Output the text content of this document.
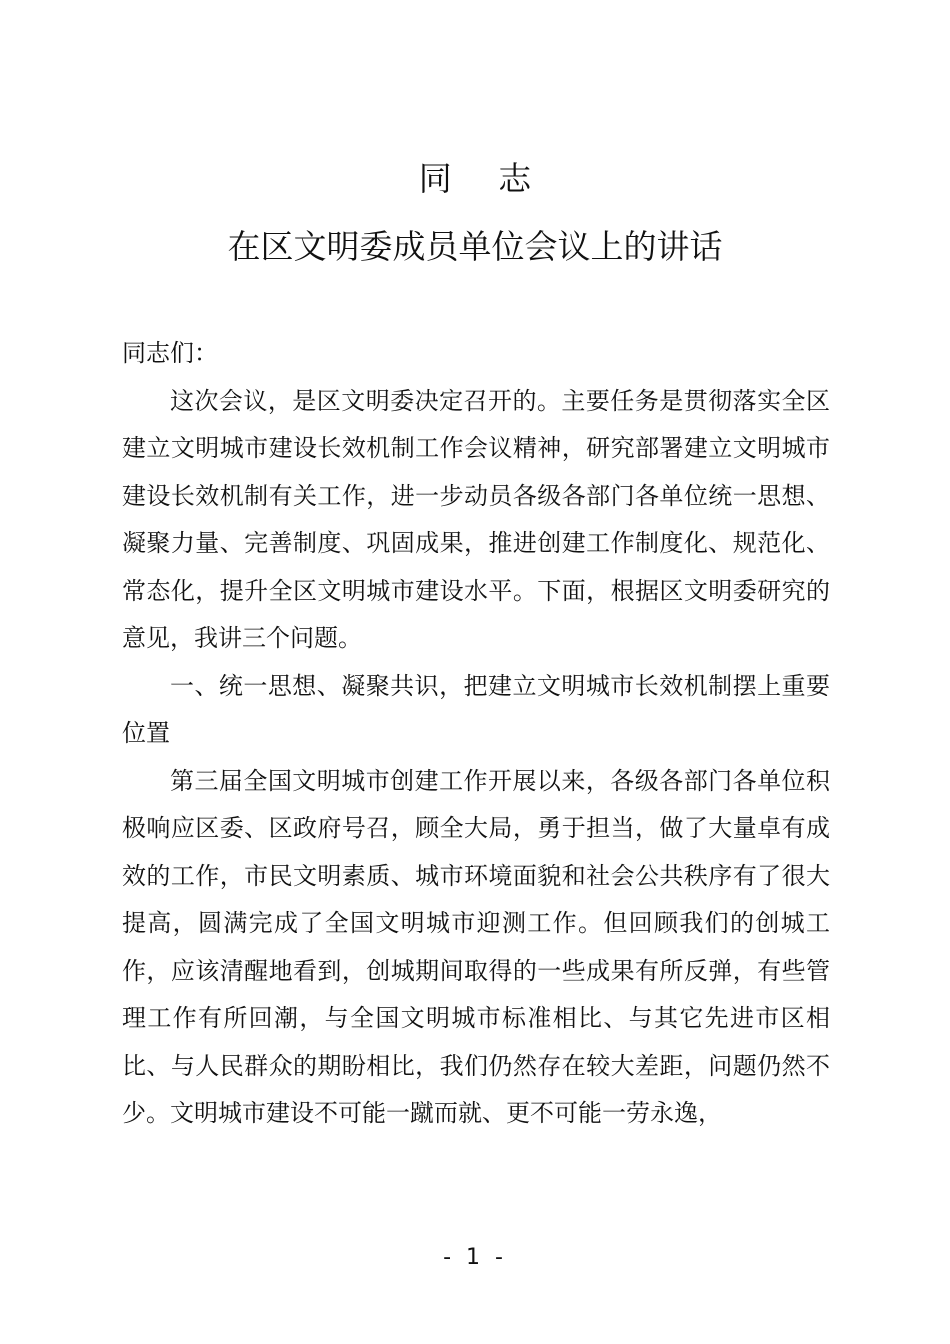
同 志
在区文明委成员单位会议上的讲话

同志们：

这次会议，是区文明委决定召开的。主要任务是贯彻落实全区建立文明城市建设长效机制工作会议精神，研究部署建立文明城市建设长效机制有关工作，进一步动员各级各部门各单位统一思想、凝聚力量、完善制度、巩固成果，推进创建工作制度化、规范化、常态化，提升全区文明城市建设水平。下面，根据区文明委研究的意见，我讲三个问题。

一、统一思想、凝聚共识，把建立文明城市长效机制摆上重要位置

第三届全国文明城市创建工作开展以来，各级各部门各单位积极响应区委、区政府号召，顾全大局，勇于担当，做了大量卓有成效的工作，市民文明素质、城市环境面貌和社会公共秩序有了很大提高，圆满完成了全国文明城市迎测工作。但回顾我们的创城工作，应该清醒地看到，创城期间取得的一些成果有所反弹，有些管理工作有所回潮，与全国文明城市标准相比、与其它先进市区相比、与人民群众的期盼相比，我们仍然存在较大差距，问题仍然不少。文明城市建设不可能一蹴而就、更不可能一劳永逸，

- 1 -
